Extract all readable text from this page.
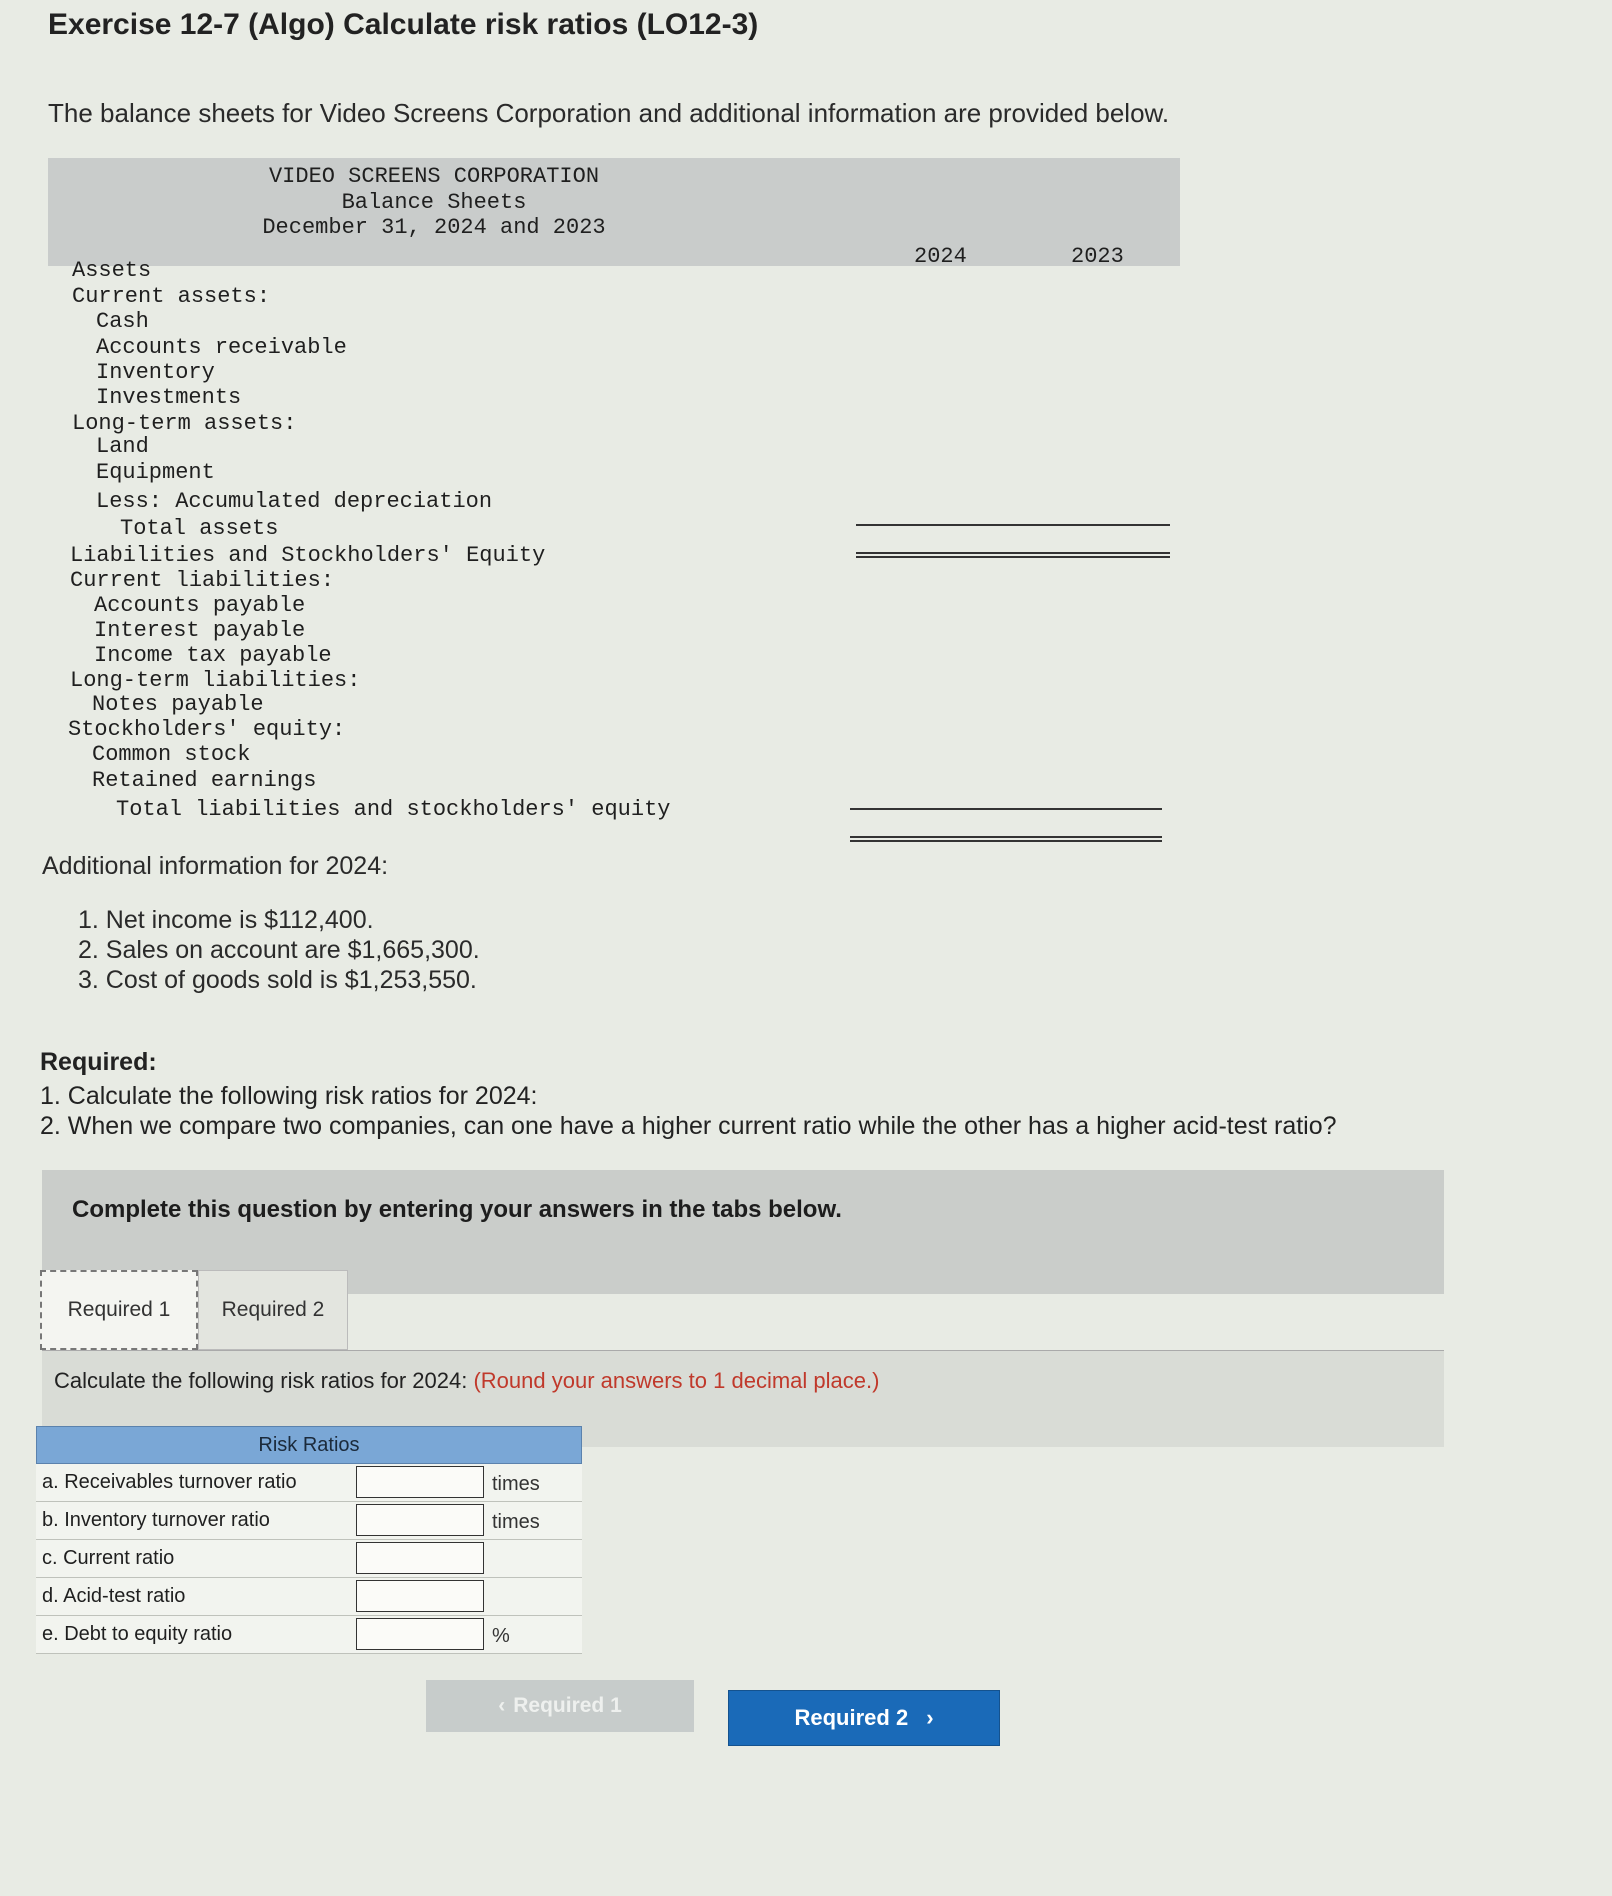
Exercise 12-7 (Algo) Calculate risk ratios (LO12-3)
The balance sheets for Video Screens Corporation and additional information are provided below.

VIDEO SCREENS CORPORATION

Balance Sheets

December 31, 2024 and 2023

2024

	2023

Assets

Current assets:

Cash

Accounts receivable

Inventory

Investments

Long-term assets:

Land

Equipment

Less: Accumulated depreciation

Total assets

Liabilities and Stockholders' Equity

Current liabilities:

Accounts payable

Interest payable

Income tax payable

Long-term liabilities:

Notes payable

Stockholders' equity:

Common stock

Retained earnings

Total liabilities and stockholders' equity

Additional information for 2024:
1. Net income is $112,400.
2. Sales on account are $1,665,300.
3. Cost of goods sold is $1,253,550.
Required:
1. Calculate the following risk ratios for 2024:
2. When we compare two companies, can one have a higher current ratio while the other has a higher acid-test ratio?
Complete this question by entering your answers in the tabs below.
Required 1	Required 2
Calculate the following risk ratios for 2024: (Round your answers to 1 decimal place.)
Risk Ratios
a. Receivables turnover ratio	times
b. Inventory turnover ratio	times
c. Current ratio
d. Acid-test ratio
e. Debt to equity ratio	%
‹ Required 1	Required 2 ›
